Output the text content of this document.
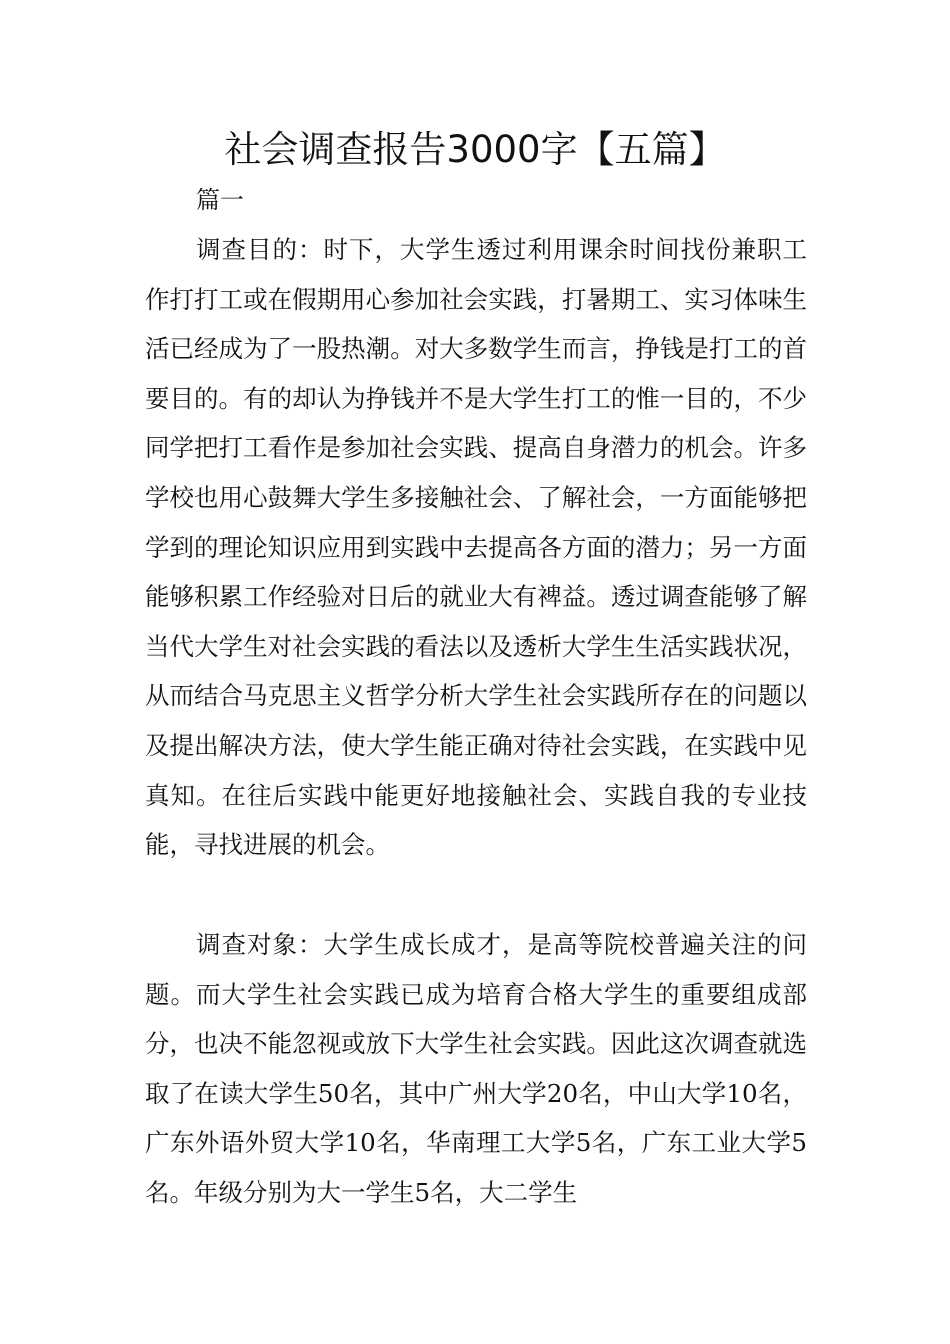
社会调查报告3000字【五篇】
篇一

调查目的：时下，大学生透过利用课余时间找份兼职工作打打工或在假期用心参加社会实践，打暑期工、实习体味生活已经成为了一股热潮。对大多数学生而言，挣钱是打工的首要目的。有的却认为挣钱并不是大学生打工的惟一目的，不少同学把打工看作是参加社会实践、提高自身潜力的机会。许多学校也用心鼓舞大学生多接触社会、了解社会，一方面能够把学到的理论知识应用到实践中去提高各方面的潜力；另一方面能够积累工作经验对日后的就业大有裨益。透过调查能够了解当代大学生对社会实践的看法以及透析大学生生活实践状况，从而结合马克思主义哲学分析大学生社会实践所存在的问题以及提出解决方法，使大学生能正确对待社会实践，在实践中见真知。在往后实践中能更好地接触社会、实践自我的专业技能，寻找进展的机会。

调查对象：大学生成长成才，是高等院校普遍关注的问题。而大学生社会实践已成为培育合格大学生的重要组成部分，也决不能忽视或放下大学生社会实践。因此这次调查就选取了在读大学生50名，其中广州大学20名，中山大学10名，广东外语外贸大学10名，华南理工大学5名，广东工业大学5名。年级分别为大一学生5名，大二学生
